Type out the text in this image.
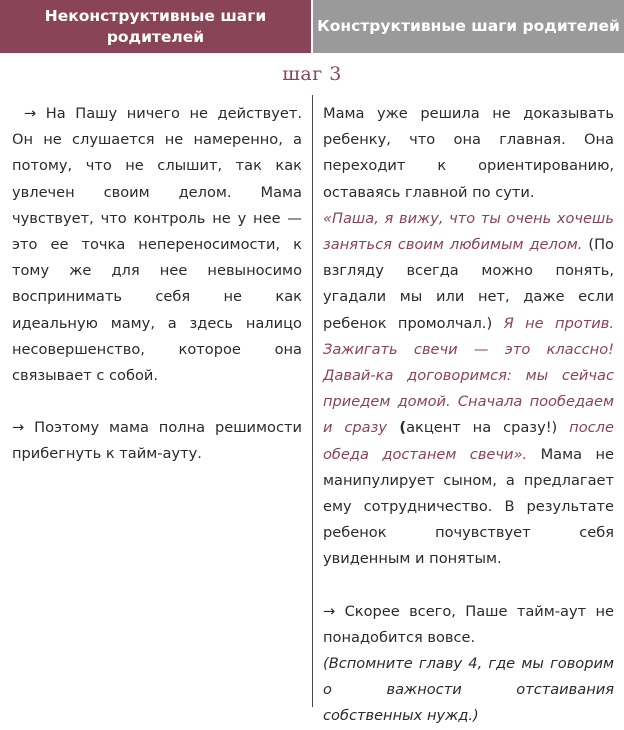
Неконструктивные шаги родителей
Конструктивные шаги родителей
шаг 3

→ На Пашу ничего не действует. Он не слушается не намеренно, а потому, что не слышит, так как увлечен своим делом. Мама чувствует, что контроль не у нее — это ее точка непереносимости, к тому же для нее невыносимо воспринимать себя не как идеальную маму, а здесь налицо несовершенство, которое она связывает с собой.

→ Поэтому мама полна решимости прибегнуть к тайм-ауту.

Мама уже решила не доказывать ребенку, что она главная. Она переходит к ориентированию, оставаясь главной по сути.

«Паша, я вижу, что ты очень хочешь заняться своим любимым делом. (По взгляду всегда можно понять, угадали мы или нет, даже если ребенок промолчал.) Я не против. Зажигать свечи — это классно! Давай-ка договоримся: мы сейчас приедем домой. Сначала пообедаем и сразу (акцент на сразу!) после обеда достанем свечи». Мама не манипулирует сыном, а предлагает ему сотрудничество. В результате ребенок почувствует себя увиденным и понятым.

→ Скорее всего, Паше тайм-аут не понадобится вовсе.

(Вспомните главу 4, где мы говорим о важности отстаивания собственных нужд.)
